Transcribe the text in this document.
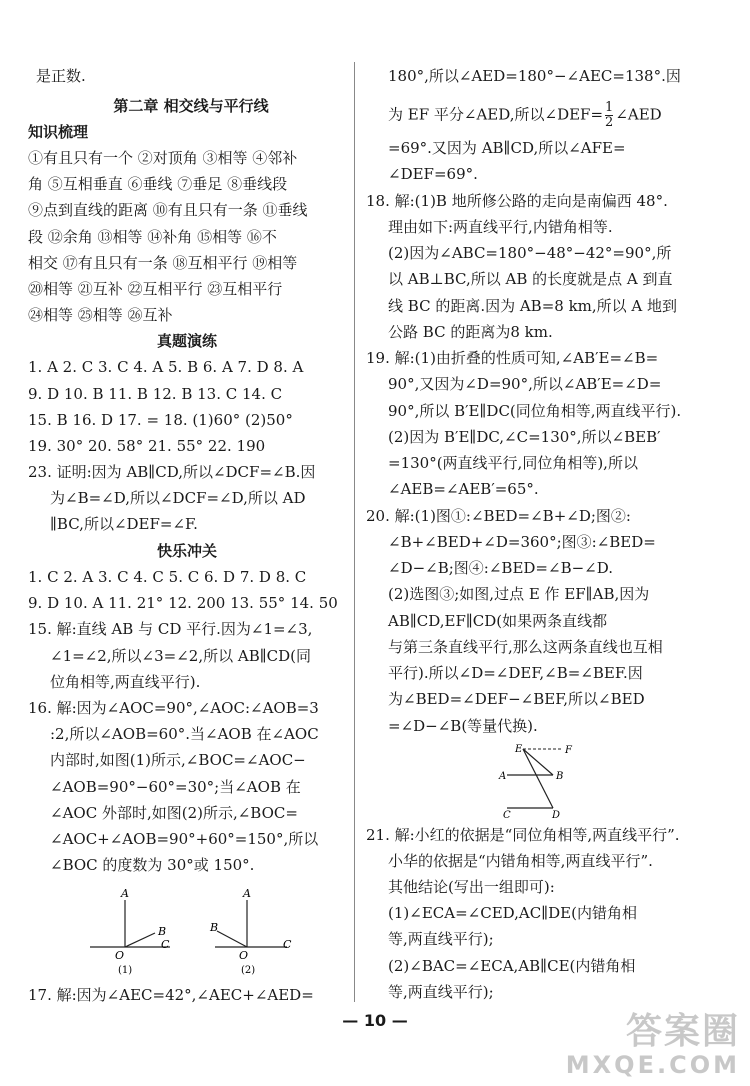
是正数.
第二章 相交线与平行线
知识梳理
①有且只有一个 ②对顶角 ③相等 ④邻补
角 ⑤互相垂直 ⑥垂线 ⑦垂足 ⑧垂线段
⑨点到直线的距离 ⑩有且只有一条 ⑪垂线
段 ⑫余角 ⑬相等 ⑭补角 ⑮相等 ⑯不
相交 ⑰有且只有一条 ⑱互相平行 ⑲相等
⑳相等 ㉑互补 ㉒互相平行 ㉓互相平行
㉔相等 ㉕相等 ㉖互补
真题演练
1. A 2. C 3. C 4. A 5. B 6. A 7. D 8. A
9. D 10. B 11. B 12. B 13. C 14. C
15. B 16. D 17. = 18. (1)60° (2)50°
19. 30° 20. 58° 21. 55° 22. 190
23. 证明:因为 AB∥CD,所以∠DCF=∠B.因
为∠B=∠D,所以∠DCF=∠D,所以 AD
∥BC,所以∠DEF=∠F.
快乐冲关
1. C 2. A 3. C 4. C 5. C 6. D 7. D 8. C
9. D 10. A 11. 21° 12. 200 13. 55° 14. 50
15. 解:直线 AB 与 CD 平行.因为∠1=∠3,
∠1=∠2,所以∠3=∠2,所以 AB∥CD(同
位角相等,两直线平行).
16. 解:因为∠AOC=90°,∠AOC:∠AOB=3
:2,所以∠AOB=60°.当∠AOB 在∠AOC
内部时,如图(1)所示,∠BOC=∠AOC−
∠AOB=90°−60°=30°;当∠AOB 在
∠AOC 外部时,如图(2)所示,∠BOC=
∠AOC+∠AOB=90°+60°=150°,所以
∠BOC 的度数为 30°或 150°.
A
B
C
O
(1)
A
B
C
O
(2)
17. 解:因为∠AEC=42°,∠AEC+∠AED=
180°,所以∠AED=180°−∠AEC=138°.因
为 EF 平分∠AED,所以∠DEF= $\frac{1}{2}$ ∠AED
=69°.又因为 AB∥CD,所以∠AFE=
∠DEF=69°.
18. 解:(1)B 地所修公路的走向是南偏西 48°.
理由如下:两直线平行,内错角相等.
(2)因为∠ABC=180°−48°−42°=90°,所
以 AB⊥BC,所以 AB 的长度就是点 A 到直
线 BC 的距离.因为 AB=8 km,所以 A 地到
公路 BC 的距离为8 km.
19. 解:(1)由折叠的性质可知,∠AB′E=∠B=
90°,又因为∠D=90°,所以∠AB′E=∠D=
90°,所以 B′E∥DC(同位角相等,两直线平行).
(2)因为 B′E∥DC,∠C=130°,所以∠BEB′
=130°(两直线平行,同位角相等),所以
∠AEB=∠AEB′=65°.
20. 解:(1)图①:∠BED=∠B+∠D;图②:
∠B+∠BED+∠D=360°;图③:∠BED=
∠D−∠B;图④:∠BED=∠B−∠D.
(2)选图③;如图,过点 E 作 EF∥AB,因为
AB∥CD,EF∥CD(如果两条直线都
与第三条直线平行,那么这两条直线也互相
平行).所以∠D=∠DEF,∠B=∠BEF.因
为∠BED=∠DEF−∠BEF,所以∠BED
=∠D−∠B(等量代换).
E	F
A	B
C	D
21. 解:小红的依据是“同位角相等,两直线平行”.
小华的依据是“内错角相等,两直线平行”.
其他结论(写出一组即可):
(1)∠ECA=∠CED,AC∥DE(内错角相
等,两直线平行);
(2)∠BAC=∠ECA,AB∥CE(内错角相
等,两直线平行);
— 10 —	答案圈
MXQE.COM
